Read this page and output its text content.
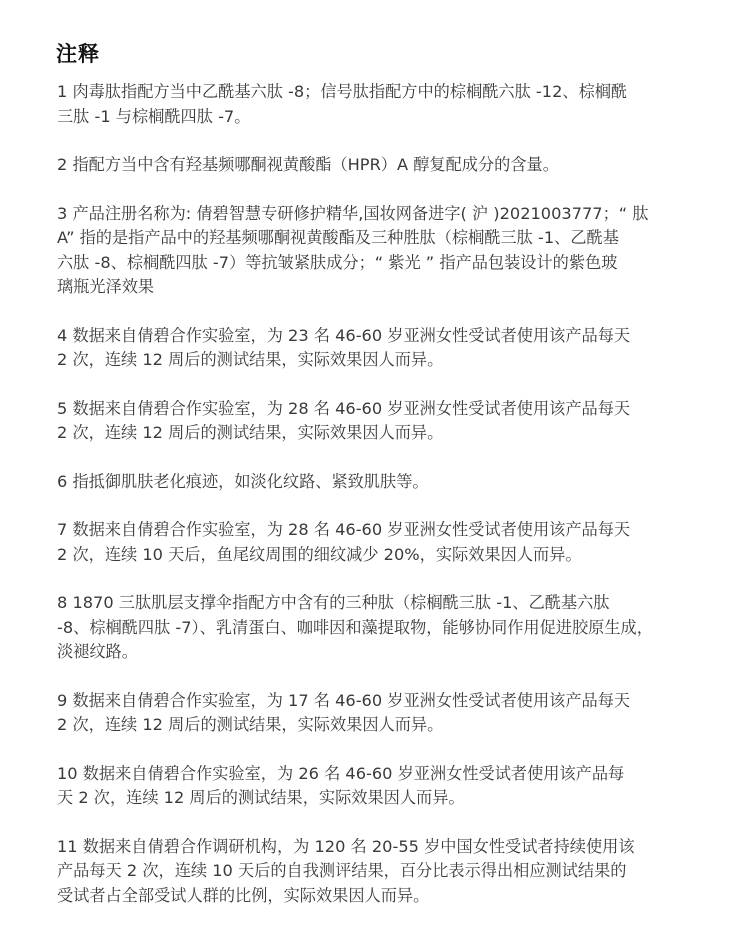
注释
1 肉毒肽指配方当中乙酰基六肽 -8；信号肽指配方中的棕榈酰六肽 -12、棕榈酰
三肽 -1 与棕榈酰四肽 -7。
2 指配方当中含有羟基频哪酮视黄酸酯（HPR）A 醇复配成分的含量。
3 产品注册名称为: 倩碧智慧专研修护精华,国妆网备进字( 沪 )2021003777；“ 肽
A” 指的是指产品中的羟基频哪酮视黄酸酯及三种胜肽（棕榈酰三肽 -1、乙酰基
六肽 -8、棕榈酰四肽 -7）等抗皱紧肤成分；“ 紫光 ” 指产品包装设计的紫色玻
璃瓶光泽效果
4 数据来自倩碧合作实验室，为 23 名 46-60 岁亚洲女性受试者使用该产品每天
2 次，连续 12 周后的测试结果，实际效果因人而异。
5 数据来自倩碧合作实验室，为 28 名 46-60 岁亚洲女性受试者使用该产品每天
2 次，连续 12 周后的测试结果，实际效果因人而异。
6 指抵御肌肤老化痕迹，如淡化纹路、紧致肌肤等。
7 数据来自倩碧合作实验室，为 28 名 46-60 岁亚洲女性受试者使用该产品每天
2 次，连续 10 天后，鱼尾纹周围的细纹减少 20%，实际效果因人而异。
8 1870 三肽肌层支撑伞指配方中含有的三种肽（棕榈酰三肽 -1、乙酰基六肽
-8、棕榈酰四肽 -7）、乳清蛋白、咖啡因和藻提取物，能够协同作用促进胶原生成，
淡褪纹路。
9 数据来自倩碧合作实验室，为 17 名 46-60 岁亚洲女性受试者使用该产品每天
2 次，连续 12 周后的测试结果，实际效果因人而异。
10 数据来自倩碧合作实验室，为 26 名 46-60 岁亚洲女性受试者使用该产品每
天 2 次，连续 12 周后的测试结果，实际效果因人而异。
11 数据来自倩碧合作调研机构，为 120 名 20-55 岁中国女性受试者持续使用该
产品每天 2 次，连续 10 天后的自我测评结果，百分比表示得出相应测试结果的
受试者占全部受试人群的比例，实际效果因人而异。
